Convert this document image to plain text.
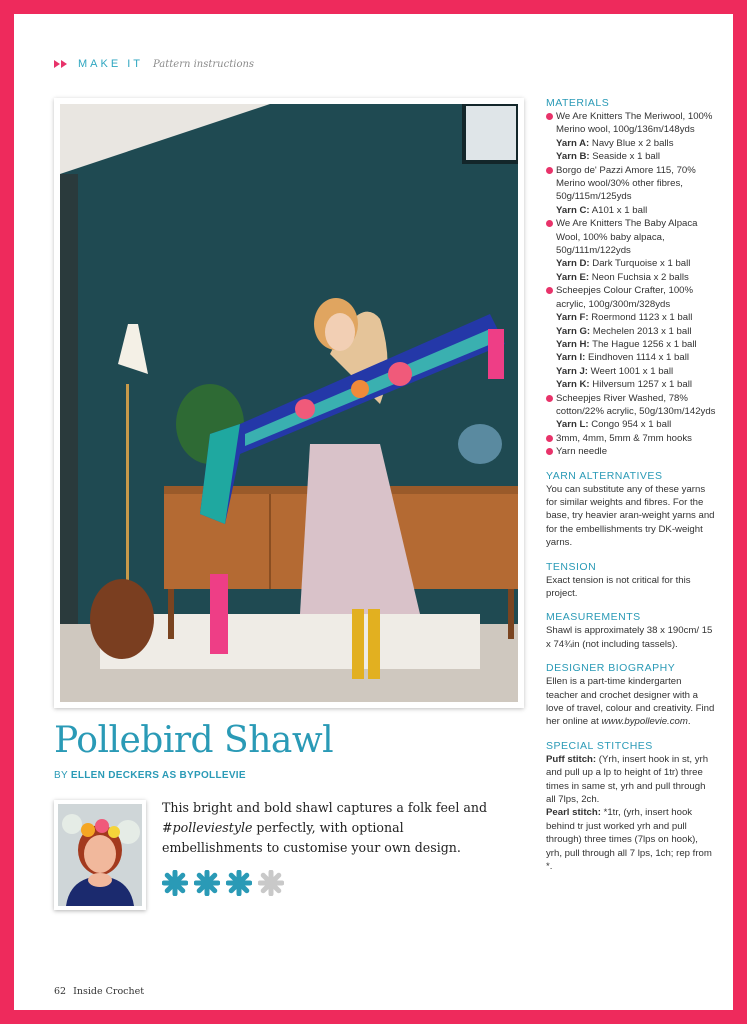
MAKE IT Pattern instructions
Pollebird Shawl
BY ELLEN DECKERS AS BYPOLLEVIE

This bright and bold shawl captures a folk feel and #polleviestyle perfectly, with optional embellishments to customise your own design.

62 Inside Crochet
MATERIALS
We Are Knitters The Meriwool, 100% Merino wool, 100g/136m/148yds
Yarn A: Navy Blue x 2 balls
Yarn B: Seaside x 1 ball
Borgo de' Pazzi Amore 115, 70% Merino wool/30% other fibres, 50g/115m/125yds
Yarn C: A101 x 1 ball
We Are Knitters The Baby Alpaca Wool, 100% baby alpaca, 50g/111m/122yds
Yarn D: Dark Turquoise x 1 ball
Yarn E: Neon Fuchsia x 2 balls
Scheepjes Colour Crafter, 100% acrylic, 100g/300m/328yds
Yarn F: Roermond 1123 x 1 ball
Yarn G: Mechelen 2013 x 1 ball
Yarn H: The Hague 1256 x 1 ball
Yarn I: Eindhoven 1114 x 1 ball
Yarn J: Weert 1001 x 1 ball
Yarn K: Hilversum 1257 x 1 ball
Scheepjes River Washed, 78% cotton/22% acrylic, 50g/130m/142yds
Yarn L: Congo 954 x 1 ball
3mm, 4mm, 5mm & 7mm hooks
Yarn needle
YARN ALTERNATIVES

You can substitute any of these yarns for similar weights and fibres. For the base, try heavier aran-weight yarns and for the embellishments try DK-weight yarns.

TENSION

Exact tension is not critical for this project.

MEASUREMENTS

Shawl is approximately 38 x 190cm/ 15 x 74¾in (not including tassels).

DESIGNER BIOGRAPHY

Ellen is a part-time kindergarten teacher and crochet designer with a love of travel, colour and creativity. Find her online at www.bypollevie.com.

SPECIAL STITCHES

Puff stitch: (Yrh, insert hook in st, yrh and pull up a lp to height of 1tr) three times in same st, yrh and pull through all 7lps, 2ch.

Pearl stitch: *1tr, (yrh, insert hook behind tr just worked yrh and pull through) three times (7lps on hook), yrh, pull through all 7 lps, 1ch; rep from *.
